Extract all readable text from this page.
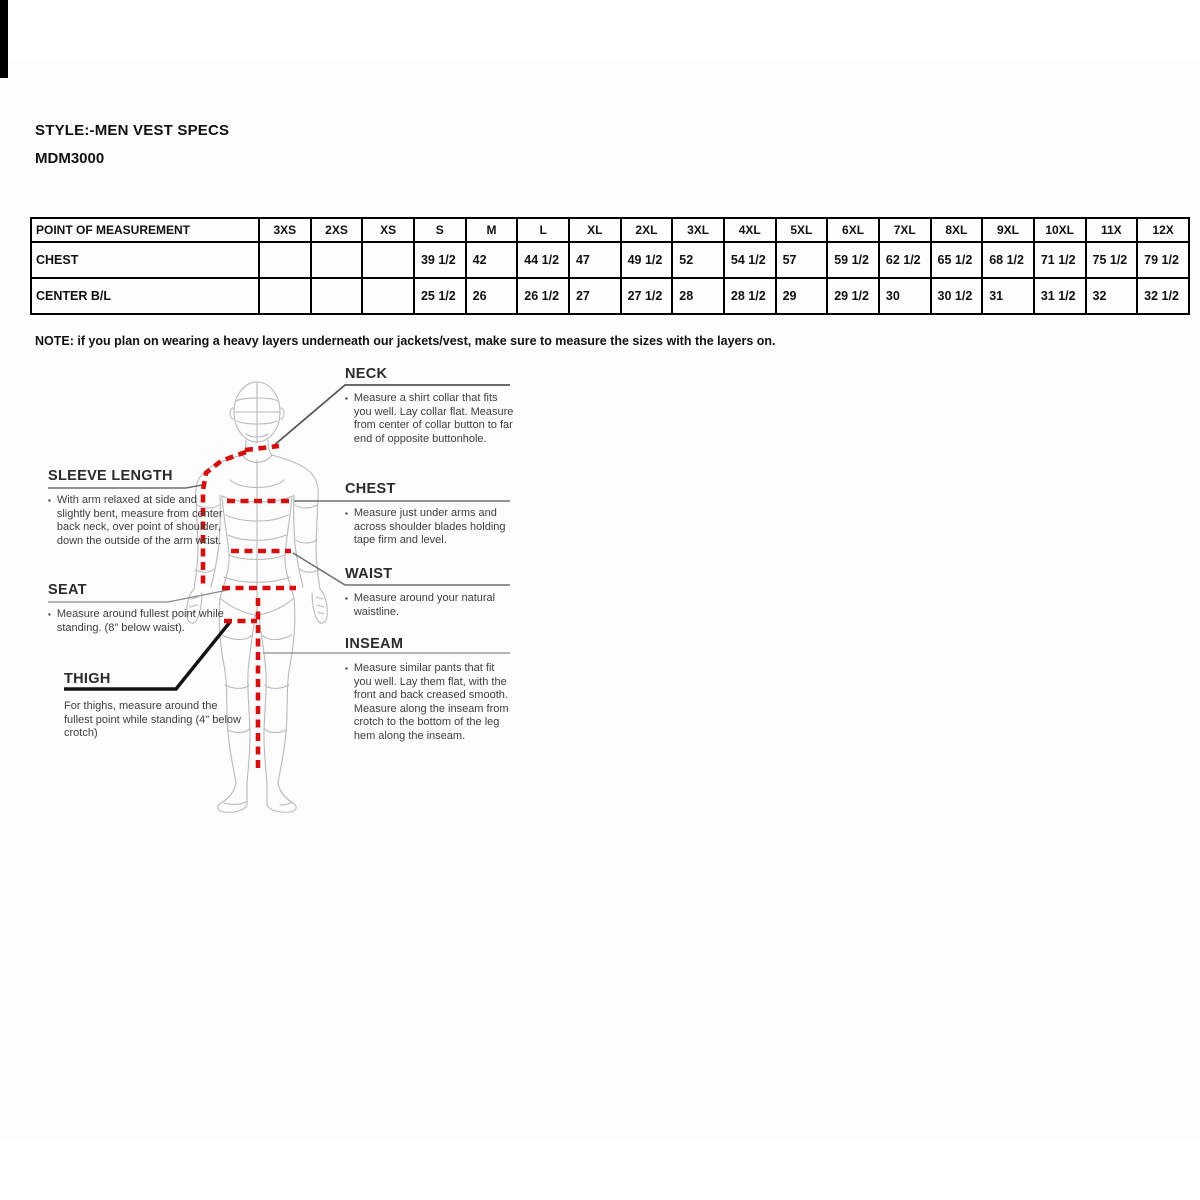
STYLE:-MEN VEST SPECS
MDM3000
POINT OF MEASUREMENT	3XS	2XS	XS	S	M	L	XL	2XL	3XL	4XL	5XL	6XL	7XL	8XL	9XL	10XL	11X	12X
CHEST				39 1/2	42	44 1/2	47	49 1/2	52	54 1/2	57	59 1/2	62 1/2	65 1/2	68 1/2	71 1/2	75 1/2	79 1/2
CENTER B/L				25 1/2	26	26 1/2	27	27 1/2	28	28 1/2	29	29 1/2	30	30 1/2	31	31 1/2	32	32 1/2
NOTE: if you plan on wearing a heavy layers underneath our jackets/vest, make sure to measure the sizes with the layers on.
NECK
▪ Measure a shirt collar that fits you well. Lay collar flat. Measure from center of collar button to far end of opposite buttonhole.
CHEST
▪ Measure just under arms and across shoulder blades holding tape firm and level.
WAIST
▪ Measure around your natural waistline.
INSEAM
▪ Measure similar pants that fit you well. Lay them flat, with the front and back creased smooth. Measure along the inseam from crotch to the bottom of the leg hem along the inseam.
SLEEVE LENGTH
▪ With arm relaxed at side and slightly bent, measure from center back neck, over point of shoulder, down the outside of the arm wrist.
SEAT
▪ Measure around fullest point while standing. (8" below waist).
THIGH
For thighs, measure around the fullest point while standing (4" below crotch)
